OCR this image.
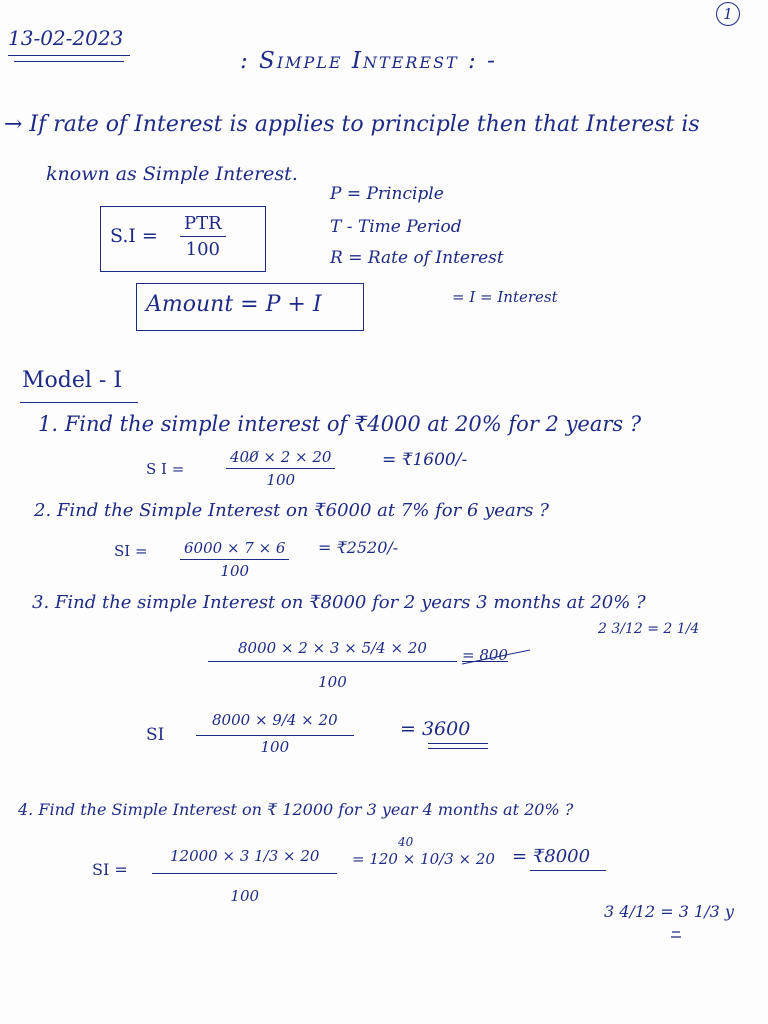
13-02-2023
1
: Simple Interest : -
→ If rate of Interest is applies to principle then that Interest is
known as Simple Interest.
S.I =
PTR
100
P = Principle
T - Time Period
R = Rate of Interest
Amount = P + I	= I = Interest
Model - I
1. Find the simple interest of ₹4000 at 20% for 2 years ?
S I =	$\frac{400̸ \times 2 \times 20}{100}$	= ₹1600/-
2. Find the Simple Interest on ₹6000 at 7% for 6 years ?
SI = $\frac{6000 \times 7 \times 6}{100}$ = ₹2520/-
3. Find the simple Interest on ₹8000 for 2 years 3 months at 20% ?
2 3/12 = 2 1/4
$\frac{8000 \times 2 \times 3 \times 5/4 \times 20}{100} = 800$
SI $\frac{8000 \times 9/4 \times 20}{100} = 3600$
4. Find the Simple Interest on ₹ 12000 for 3 year 4 months at 20% ?
SI = $\frac{12000 \times 3 1/3 \times 20}{100}$
40
= 120 × 10/3 × 20 = ₹8000
3 4/12 = 3 1/3 y
